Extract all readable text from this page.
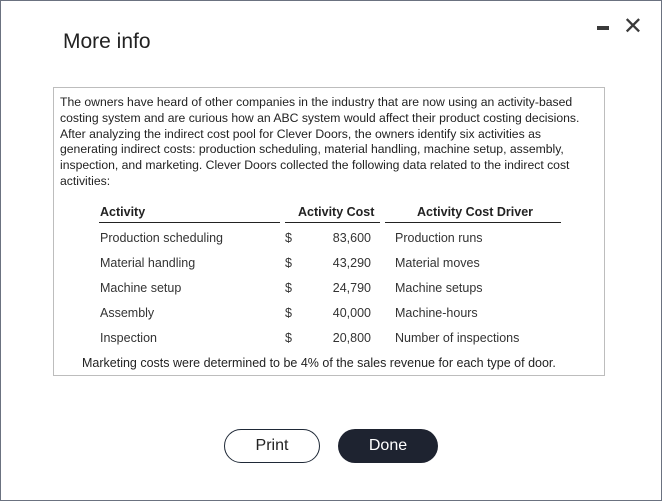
More info
✕
The owners have heard of other companies in the industry that are now using an activity-based costing system and are curious how an ABC system would affect their product costing decisions. After analyzing the indirect cost pool for Clever Doors, the owners identify six activities as generating indirect costs: production scheduling, material handling, machine setup, assembly, inspection, and marketing. Clever Doors collected the following data related to the indirect cost activities:
Activity	Activity Cost	Activity Cost Driver
Production scheduling	$	83,600 Production runs
Material handling	$	43,290 Material moves
Machine setup	$	24,790 Machine setups
Assembly	$	40,000 Machine-hours
Inspection	$	20,800 Number of inspections
Marketing costs were determined to be 4% of the sales revenue for each type of door.
Print	Done
